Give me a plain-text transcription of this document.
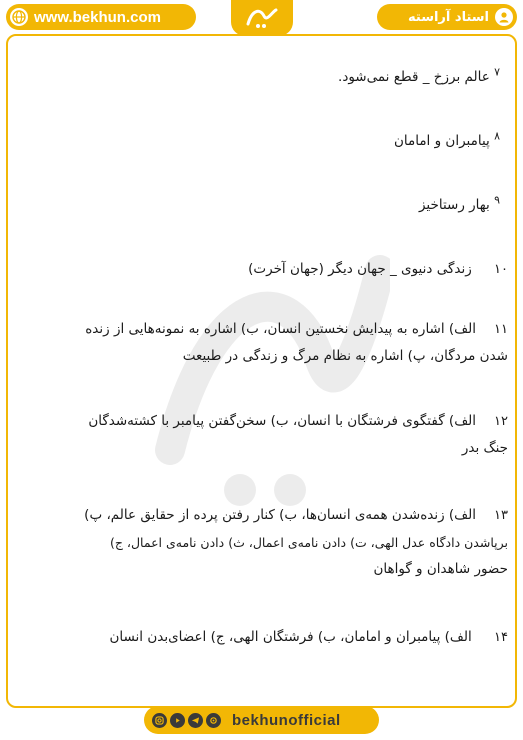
www.bekhun.com	استاد آراسته
$^۷$ عالم برزخ _ قطع نمی‌شود.
$^۸$ پیامبران و امامان
$^۹$ بهار رستاخیز
۱۰ زندگی دنیوی _ جهان دیگر (جهان آخرت)
۱۱الف) اشاره به پیدایش نخستین انسان، ب) اشاره به نمونه‌هایی از زنده‌
شدن مردگان، پ) اشاره به نظام مرگ و زندگی در طبیعت
۱۲الف) گفتگوی فرشتگان با انسان، ب) سخن‌گفتن پیامبر با کشته‌شدگان
جنگ بدر
۱۳الف) زنده‌شدن همه‌ی انسان‌ها، ب) کنار رفتن پرده از حقایق عالم، پ)
برپاشدن دادگاه عدل الهی، ت) دادن نامه‌ی اعمال، ث) دادن نامه‌ی اعمال، ج)
حضور شاهدان و گواهان
۱۴ الف) پیامبران و امامان، ب) فرشتگان الهی، ج) اعضای‌بدن انسان
bekhunofficial
